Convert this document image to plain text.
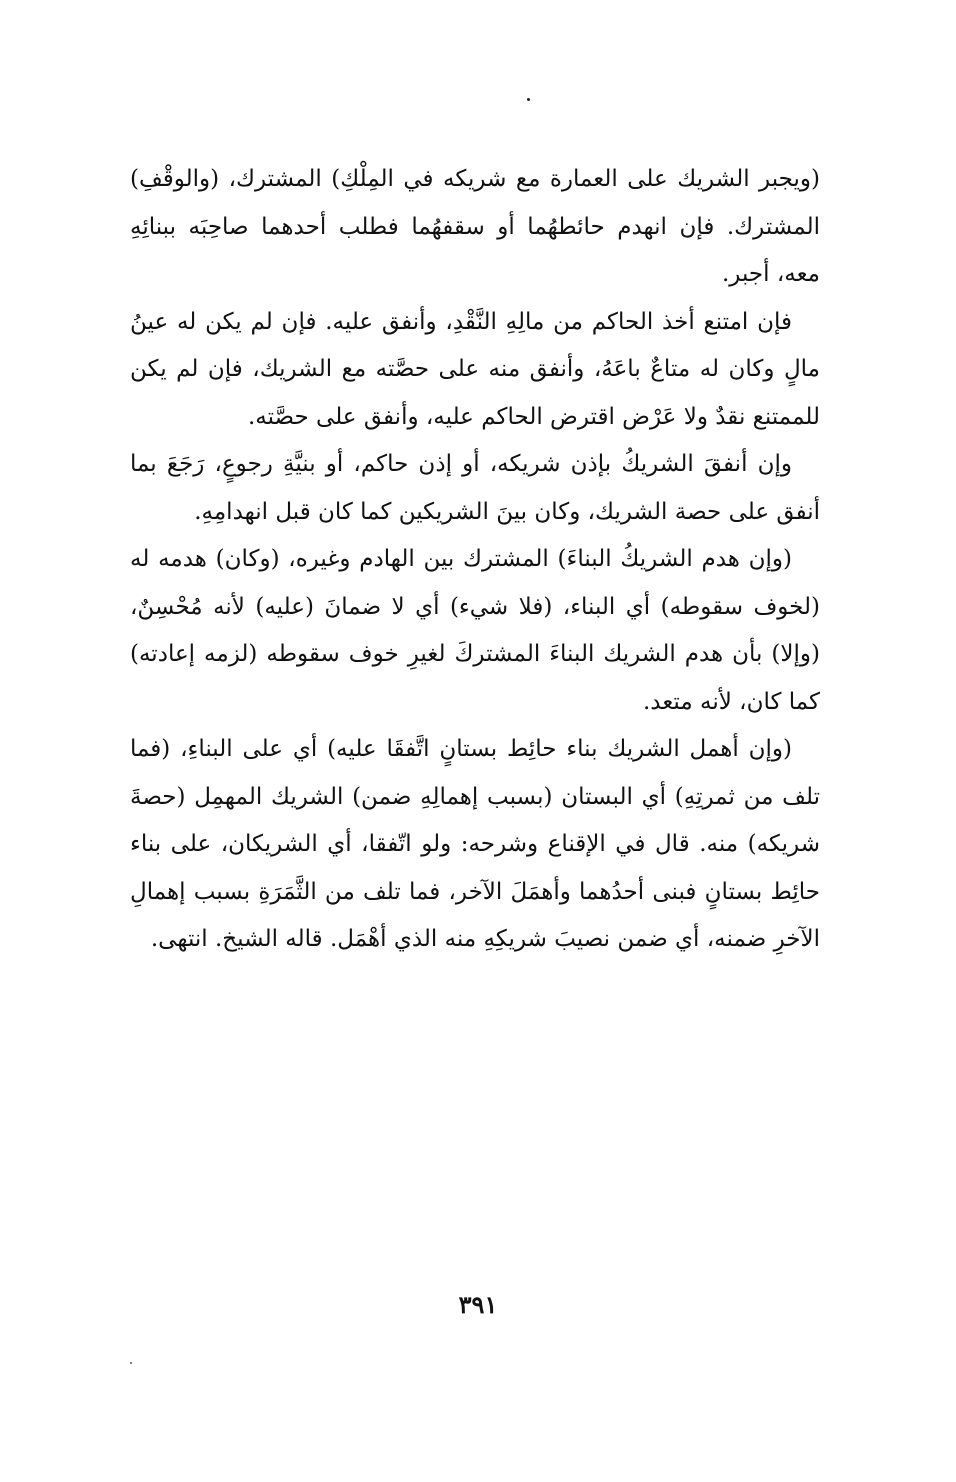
(ويجبر الشريك على العمارة مع شريكه في المِلْكِ) المشترك، (والوقْفِ) المشترك. فإن انهدم حائطهُما أو سقفهُما فطلب أحدهما صاحِبَه ببنائِهِ معه، أجبر.

فإن امتنع أخذ الحاكم من مالِهِ النَّقْدِ، وأنفق عليه. فإن لم يكن له عينُ مالٍ وكان له متاعٌ باعَهُ، وأنفق منه على حصَّته مع الشريك، فإن لم يكن للممتنع نقدٌ ولا عَرْض اقترض الحاكم عليه، وأنفق على حصَّته.

وإن أنفقَ الشريكُ بإذن شريكه، أو إذن حاكم، أو بنيَّةِ رجوعٍ، رَجَعَ بما أنفق على حصة الشريك، وكان بينَ الشريكين كما كان قبل انهدامِهِ.

(وإن هدم الشريكُ البناءَ) المشترك بين الهادم وغيره، (وكان) هدمه له (لخوف سقوطه) أي البناء، (فلا شيء) أي لا ضمانَ (عليه) لأنه مُحْسِنٌ، (وإلا) بأن هدم الشريك البناءَ المشتركَ لغيرِ خوف سقوطه (لزمه إعادته) كما كان، لأنه متعد.

(وإن أهمل الشريك بناء حائِط بستانٍ اتَّفقَا عليه) أي على البناءِ، (فما تلف من ثمرتِهِ) أي البستان (بسبب إهمالِهِ ضمن) الشريك المهمِل (حصةَ شريكه) منه. قال في الإقناع وشرحه: ولو اتّفقا، أي الشريكان، على بناء حائِط بستانٍ فبنى أحدُهما وأهمَلَ الآخر، فما تلف من الثَّمَرَةِ بسبب إهمالِ الآخرِ ضمنه، أي ضمن نصيبَ شريكِهِ منه الذي أهْمَل. قاله الشيخ. انتهى.

٣٩١
